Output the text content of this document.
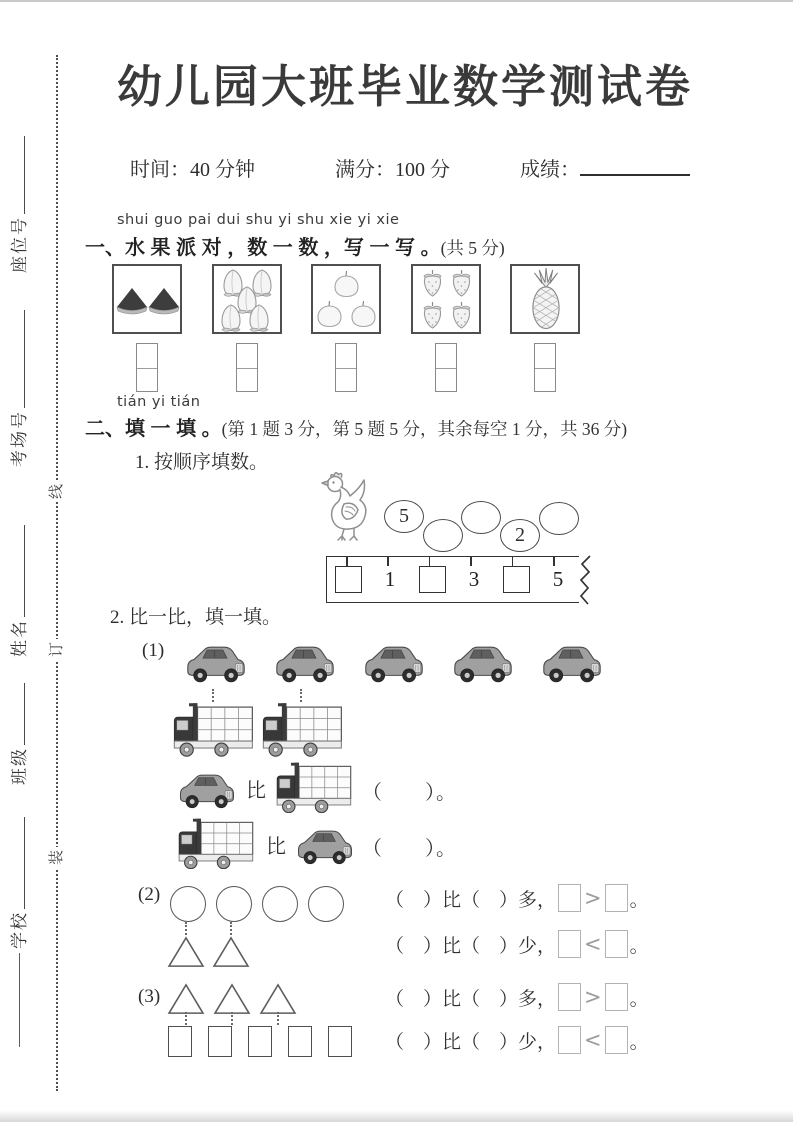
线
订
装
座位号
考场号
姓名
班级
学校
幼儿园大班毕业数学测试卷
时间：40 分钟	满分：100 分	成绩：
shui guo pai dui shu yi shu xie yi xie
一、水 果 派 对 ，数 一 数 ，写 一 写 。(共 5 分)
tián yi tián
二、填 一 填 。(第 1 题 3 分，第 5 题 5 分，其余每空 1 分，共 36 分)
1. 按顺序填数。
5
2
1	3	5
2. 比一比，填一填。
(1)
比	（　　）。
比	（　　）。
(2)	（　）比（　）多， > 。
（　）比（　）少， < 。
(3)	（　）比（　）多， > 。
（　）比（　）少， < 。
